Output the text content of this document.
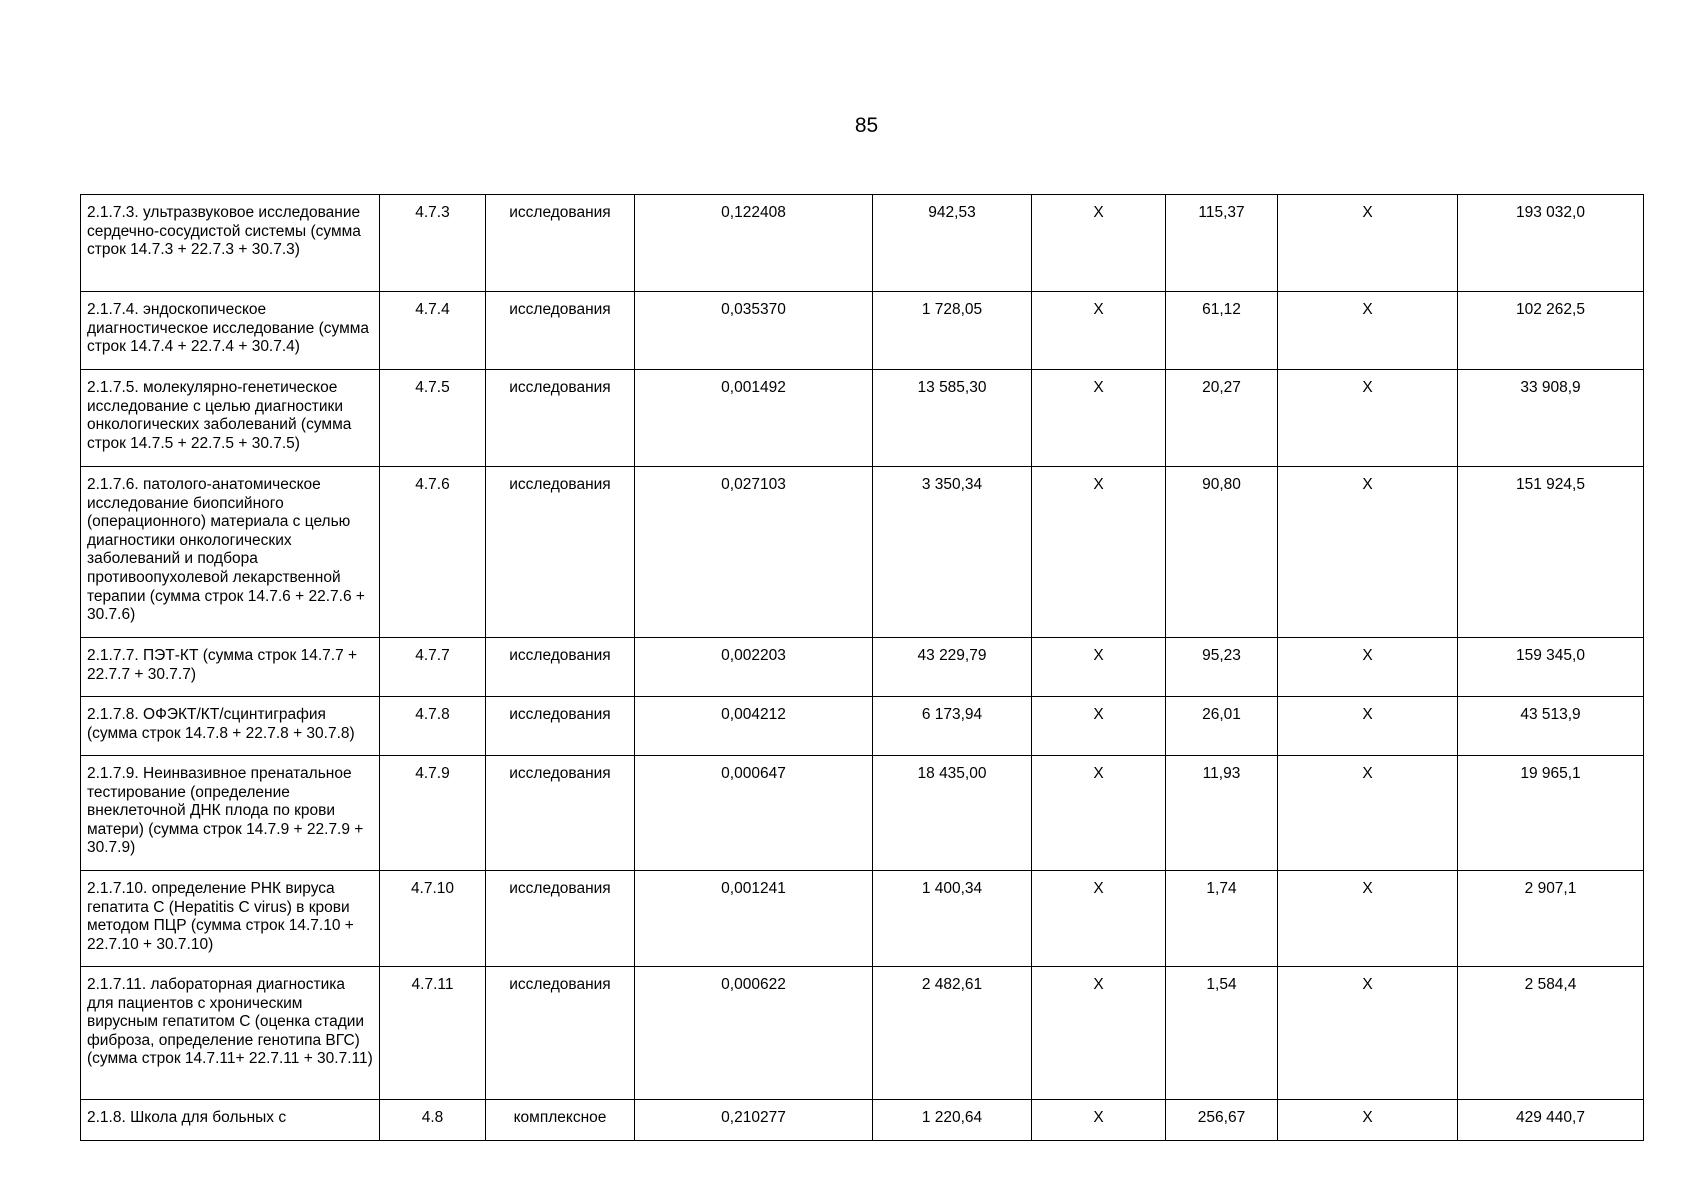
85
2.1.7.3. ультразвуковое исследование сердечно-сосудистой системы (сумма строк 14.7.3 + 22.7.3 + 30.7.3)	4.7.3	исследования	0,122408	942,53	Х	115,37	Х	193 032,0
2.1.7.4. эндоскопическое диагностическое исследование (сумма строк 14.7.4 + 22.7.4 + 30.7.4)	4.7.4	исследования	0,035370	1 728,05	Х	61,12	Х	102 262,5
2.1.7.5. молекулярно-генетическое исследование с целью диагностики онкологических заболеваний (сумма строк 14.7.5 + 22.7.5 + 30.7.5)	4.7.5	исследования	0,001492	13 585,30	Х	20,27	Х	33 908,9
2.1.7.6. патолого-анатомическое исследование биопсийного (операционного) материала с целью диагностики онкологических заболеваний и подбора противоопухолевой лекарственной терапии (сумма строк 14.7.6 + 22.7.6 + 30.7.6)	4.7.6	исследования	0,027103	3 350,34	Х	90,80	Х	151 924,5
2.1.7.7. ПЭТ-КТ (сумма строк 14.7.7 + 22.7.7 + 30.7.7)	4.7.7	исследования	0,002203	43 229,79	Х	95,23	Х	159 345,0
2.1.7.8. ОФЭКТ/КТ/сцинтиграфия (сумма строк 14.7.8 + 22.7.8 + 30.7.8)	4.7.8	исследования	0,004212	6 173,94	Х	26,01	Х	43 513,9
2.1.7.9. Неинвазивное пренатальное тестирование (определение внеклеточной ДНК плода по крови матери) (сумма строк 14.7.9 + 22.7.9 + 30.7.9)	4.7.9	исследования	0,000647	18 435,00	Х	11,93	Х	19 965,1
2.1.7.10. определение РНК вируса гепатита С (Hepatitis C virus) в крови методом ПЦР (сумма строк 14.7.10 + 22.7.10 + 30.7.10)	4.7.10	исследования	0,001241	1 400,34	Х	1,74	Х	2 907,1
2.1.7.11. лабораторная диагностика для пациентов с хроническим вирусным гепатитом С (оценка стадии фиброза, определение генотипа ВГС) (сумма строк 14.7.11+ 22.7.11 + 30.7.11)	4.7.11	исследования	0,000622	2 482,61	Х	1,54	Х	2 584,4
2.1.8. Школа для больных с	4.8	комплексное	0,210277	1 220,64	Х	256,67	Х	429 440,7
